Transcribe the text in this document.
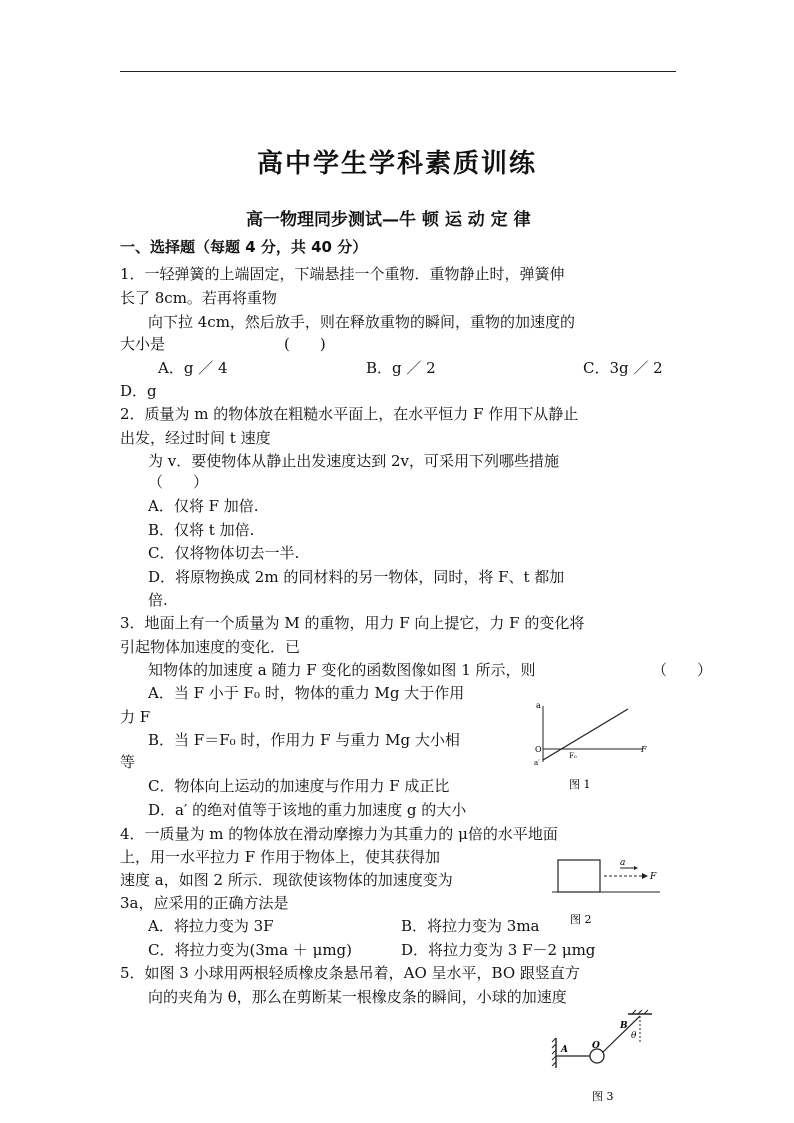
高中学生学科素质训练
高一物理同步测试—牛 顿 运 动 定 律
一、选择题（每题 4 分，共 40 分）
1．一轻弹簧的上端固定，下端悬挂一个重物．重物静止时，弹簧伸
长了 8cm。若再将重物
向下拉 4cm，然后放手，则在释放重物的瞬间，重物的加速度的
大小是	(　　)
A．g ／ 4	B．g ／ 2	C．3g ／ 2
D．g
2．质量为 m 的物体放在粗糙水平面上，在水平恒力 F 作用下从静止
出发，经过时间 t 速度
为 v．要使物体从静止出发速度达到 2v，可采用下列哪些措施
（　　）
A．仅将 F 加倍.
B．仅将 t 加倍.
C．仅将物体切去一半.
D．将原物换成 2m 的同材料的另一物体，同时，将 F、t 都加
倍.
3．地面上有一个质量为 M 的重物，用力 F 向上提它，力 F 的变化将
引起物体加速度的变化．已
知物体的加速度 a 随力 F 变化的函数图像如图 1 所示，则	（　　）
A．当 F 小于 F₀ 时，物体的重力 Mg 大于作用
力 F
B．当 F＝F₀ 时，作用力 F 与重力 Mg 大小相
等
C．物体向上运动的加速度与作用力 F 成正比
D．a′ 的绝对值等于该地的重力加速度 g 的大小
a
F
O
F₀
a′
图 1
4．一质量为 m 的物体放在滑动摩擦力为其重力的 μ倍的水平地面
上，用一水平拉力 F 作用于物体上，使其获得加
速度 a，如图 2 所示．现欲使该物体的加速度变为
3a，应采用的正确方法是
A．将拉力变为 3F	B．将拉力变为 3ma
C．将拉力变为(3ma ＋ μmg)	D．将拉力变为 3 F－2 μmg
a
F
图 2
5．如图 3 小球用两根轻质橡皮条悬吊着，AO 呈水平，BO 跟竖直方
向的夹角为 θ，那么在剪断某一根橡皮条的瞬间，小球的加速度
A	O
B
θ
图 3
